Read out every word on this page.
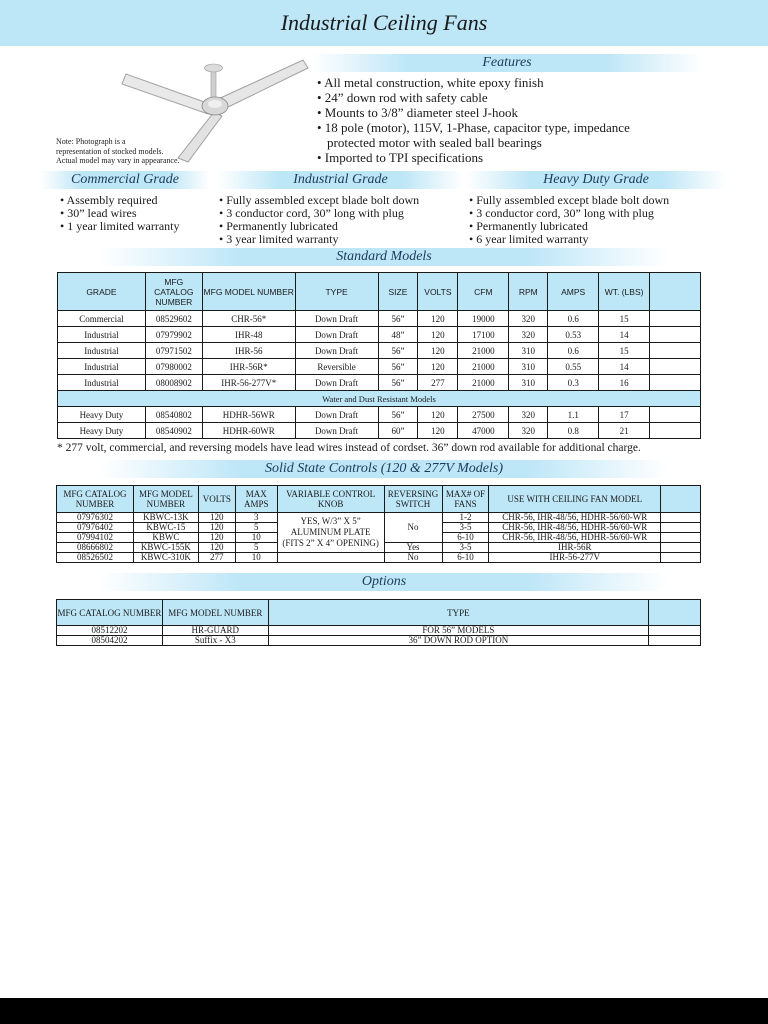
Industrial Ceiling Fans
Note: Photograph is a
representation of stocked models.
Actual model may vary in appearance.
Features
• All metal construction, white epoxy finish
• 24” down rod with safety cable
• Mounts to 3/8” diameter steel J-hook
• 18 pole (motor), 115V, 1-Phase, capacitor type, impedance
protected motor with sealed ball bearings
• Imported to TPI specifications
Commercial Grade	Industrial Grade	Heavy Duty Grade
• Assembly required
• 30” lead wires
• 1 year limited warranty
• Fully assembled except blade bolt down
• 3 conductor cord, 30” long with plug
• Permanently lubricated
• 3 year limited warranty
• Fully assembled except blade bolt down
• 3 conductor cord, 30” long with plug
• Permanently lubricated
• 6 year limited warranty
Standard Models
GRADE	MFG CATALOG NUMBER	MFG MODEL NUMBER	TYPE	SIZE	VOLTS	CFM	RPM	AMPS	WT. (LBS)	
Commercial	08529602	CHR-56*	Down Draft	56”	120	19000	320	0.6	15	
Industrial	07979902	IHR-48	Down Draft	48”	120	17100	320	0.53	14	
Industrial	07971502	IHR-56	Down Draft	56”	120	21000	310	0.6	15	
Industrial	07980002	IHR-56R*	Reversible	56”	120	21000	310	0.55	14	
Industrial	08008902	IHR-56-277V*	Down Draft	56”	277	21000	310	0.3	16	
Water and Dust Resistant Models										
Heavy Duty	08540802	HDHR-56WR	Down Draft	56”	120	27500	320	1.1	17	
Heavy Duty	08540902	HDHR-60WR	Down Draft	60”	120	47000	320	0.8	21	
* 277 volt, commercial, and reversing models have lead wires instead of cordset. 36” down rod available for additional charge.
Solid State Controls (120 & 277V Models)
MFG CATALOG NUMBER	MFG MODEL NUMBER	VOLTS	MAX AMPS	VARIABLE CONTROL KNOB	REVERSING SWITCH	MAX# OF FANS	USE WITH CEILING FAN MODEL	
07976302	KBWC-13K	120	3	YES, W/3” X 5”
ALUMINUM PLATE
(FITS 2” X 4” OPENING)	No	1-2	CHR-56, IHR-48/56, HDHR-56/60-WR	
07976402	KBWC-15	120	5			3-5	CHR-56, IHR-48/56, HDHR-56/60-WR	
07994102	KBWC	120	10			6-10	CHR-56, IHR-48/56, HDHR-56/60-WR	
08666802	KBWC-155K	120	5		Yes	3-5	IHR-56R	
08526502	KBWC-310K	277	10		No	6-10	IHR-56-277V	
Options
MFG CATALOG NUMBER	MFG MODEL NUMBER	TYPE	
08512202	HR-GUARD	FOR 56” MODELS	
08504202	Suffix - X3	36” DOWN ROD OPTION	
